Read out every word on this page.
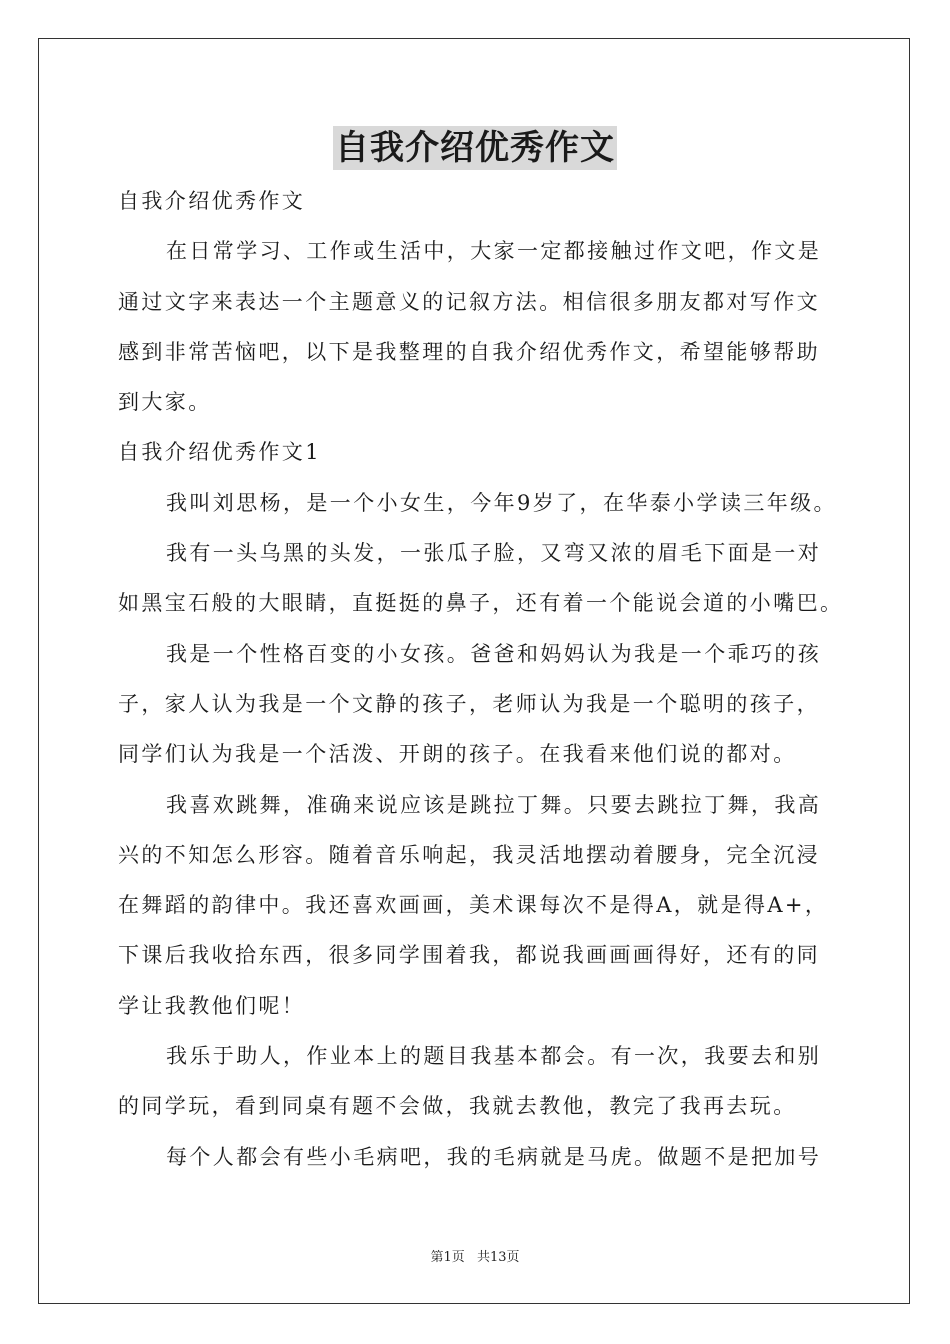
自我介绍优秀作文
自我介绍优秀作文
在日常学习、工作或生活中，大家一定都接触过作文吧，作文是
通过文字来表达一个主题意义的记叙方法。相信很多朋友都对写作文
感到非常苦恼吧，以下是我整理的自我介绍优秀作文，希望能够帮助
到大家。
自我介绍优秀作文1
我叫刘思杨，是一个小女生，今年9岁了，在华泰小学读三年级。
我有一头乌黑的头发，一张瓜子脸，又弯又浓的眉毛下面是一对
如黑宝石般的大眼睛，直挺挺的鼻子，还有着一个能说会道的小嘴巴。
我是一个性格百变的小女孩。爸爸和妈妈认为我是一个乖巧的孩
子，家人认为我是一个文静的孩子，老师认为我是一个聪明的孩子，
同学们认为我是一个活泼、开朗的孩子。在我看来他们说的都对。
我喜欢跳舞，准确来说应该是跳拉丁舞。只要去跳拉丁舞，我高
兴的不知怎么形容。随着音乐响起，我灵活地摆动着腰身，完全沉浸
在舞蹈的韵律中。我还喜欢画画，美术课每次不是得A，就是得A+，
下课后我收拾东西，很多同学围着我，都说我画画画得好，还有的同
学让我教他们呢！
我乐于助人，作业本上的题目我基本都会。有一次，我要去和别
的同学玩，看到同桌有题不会做，我就去教他，教完了我再去玩。
每个人都会有些小毛病吧，我的毛病就是马虎。做题不是把加号
第1页 共13页
